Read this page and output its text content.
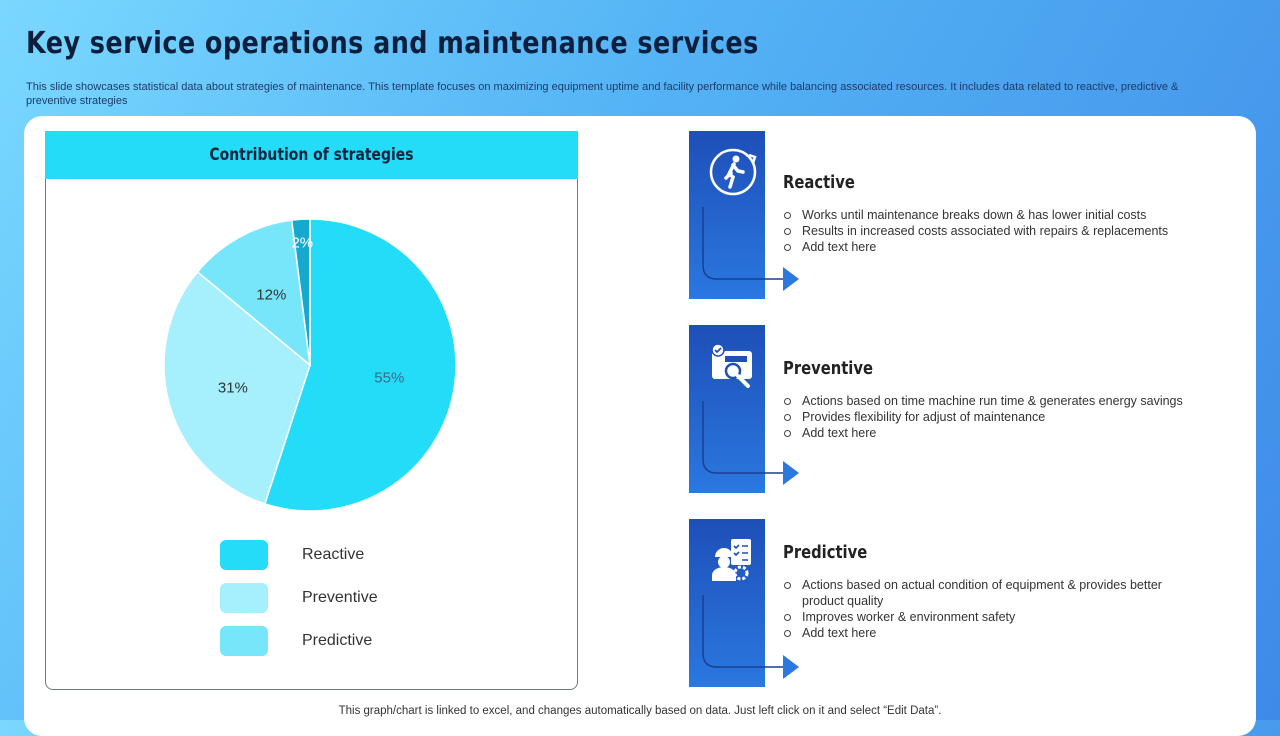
Key service operations and maintenance services

This slide showcases statistical data about strategies of maintenance. This template focuses on maximizing equipment uptime and facility performance while balancing associated resources. It includes data related to reactive, predictive & preventive strategies

Contribution of strategies
55%
31%
12%
2%
Reactive
Preventive
Predictive
Reactive
Works until maintenance breaks down & has lower initial costs
Results in increased costs associated with repairs & replacements
Add text here
Preventive
Actions based on time machine run time & generates energy savings
Provides flexibility for adjust of maintenance
Add text here
Predictive
Actions based on actual condition of equipment & provides better product quality
Improves worker & environment safety
Add text here
This graph/chart is linked to excel, and changes automatically based on data. Just left click on it and select “Edit Data”.
